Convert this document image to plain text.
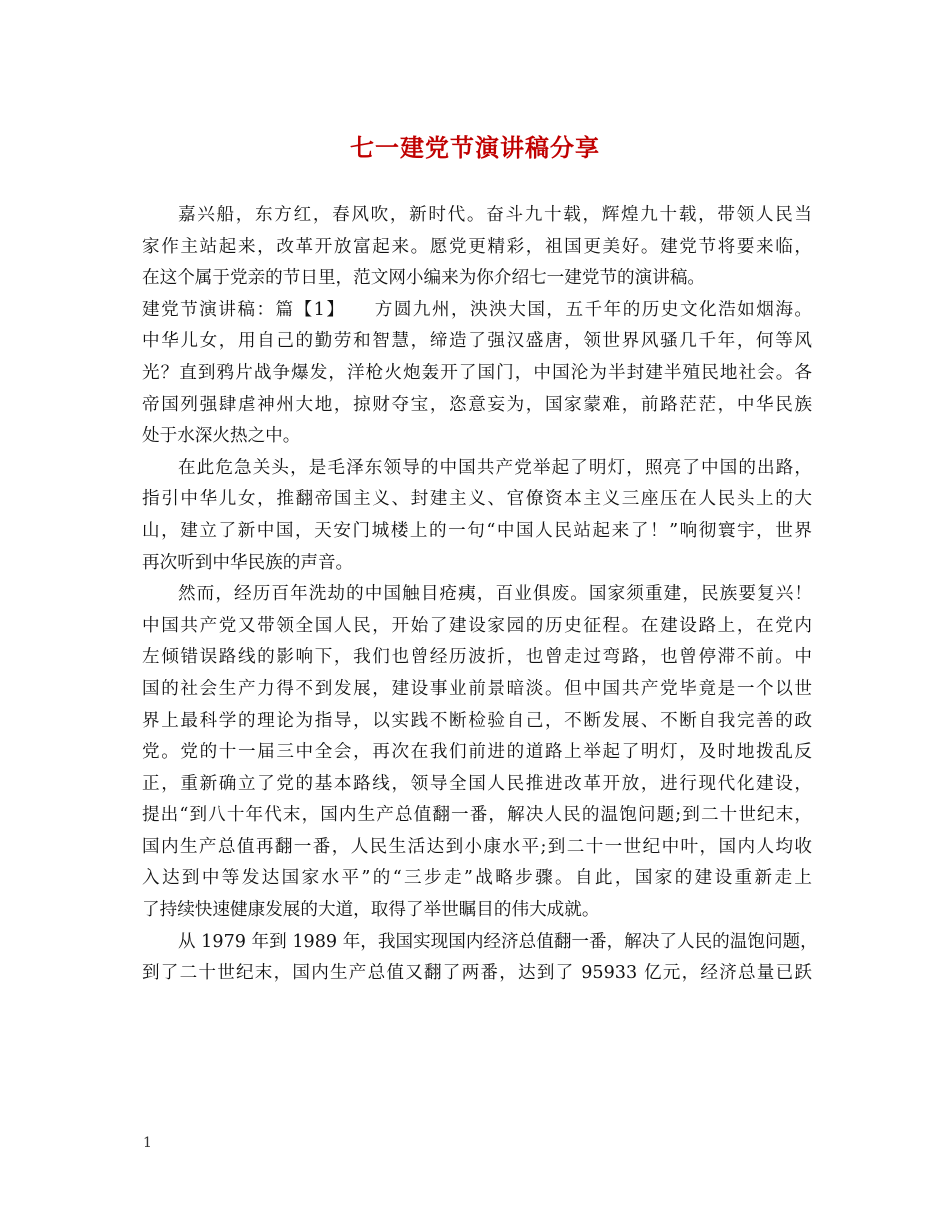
七一建党节演讲稿分享
嘉兴船，东方红，春风吹，新时代。奋斗九十载，辉煌九十载，带领人民当
家作主站起来，改革开放富起来。愿党更精彩，祖国更美好。建党节将要来临，
在这个属于党亲的节日里，范文网小编来为你介绍七一建党节的演讲稿。
建党节演讲稿：篇【1】　　方圆九州，泱泱大国，五千年的历史文化浩如烟海。
中华儿女，用自己的勤劳和智慧，缔造了强汉盛唐，领世界风骚几千年，何等风
光？直到鸦片战争爆发，洋枪火炮轰开了国门，中国沦为半封建半殖民地社会。各
帝国列强肆虐神州大地，掠财夺宝，恣意妄为，国家蒙难，前路茫茫，中华民族
处于水深火热之中。
在此危急关头，是毛泽东领导的中国共产党举起了明灯，照亮了中国的出路，
指引中华儿女，推翻帝国主义、封建主义、官僚资本主义三座压在人民头上的大
山，建立了新中国，天安门城楼上的一句“中国人民站起来了！”响彻寰宇，世界
再次听到中华民族的声音。
然而，经历百年洗劫的中国触目疮痍，百业俱废。国家须重建，民族要复兴！
中国共产党又带领全国人民，开始了建设家园的历史征程。在建设路上，在党内
左倾错误路线的影响下，我们也曾经历波折，也曾走过弯路，也曾停滞不前。中
国的社会生产力得不到发展，建设事业前景暗淡。但中国共产党毕竟是一个以世
界上最科学的理论为指导，以实践不断检验自己，不断发展、不断自我完善的政
党。党的十一届三中全会，再次在我们前进的道路上举起了明灯，及时地拨乱反
正，重新确立了党的基本路线，领导全国人民推进改革开放，进行现代化建设，
提出“到八十年代末，国内生产总值翻一番，解决人民的温饱问题;到二十世纪末，
国内生产总值再翻一番，人民生活达到小康水平;到二十一世纪中叶，国内人均收
入达到中等发达国家水平”的“三步走”战略步骤。自此，国家的建设重新走上
了持续快速健康发展的大道，取得了举世瞩目的伟大成就。
从 1979 年到 1989 年，我国实现国内经济总值翻一番，解决了人民的温饱问题，
到了二十世纪末，国内生产总值又翻了两番，达到了 95933 亿元，经济总量已跃
1
